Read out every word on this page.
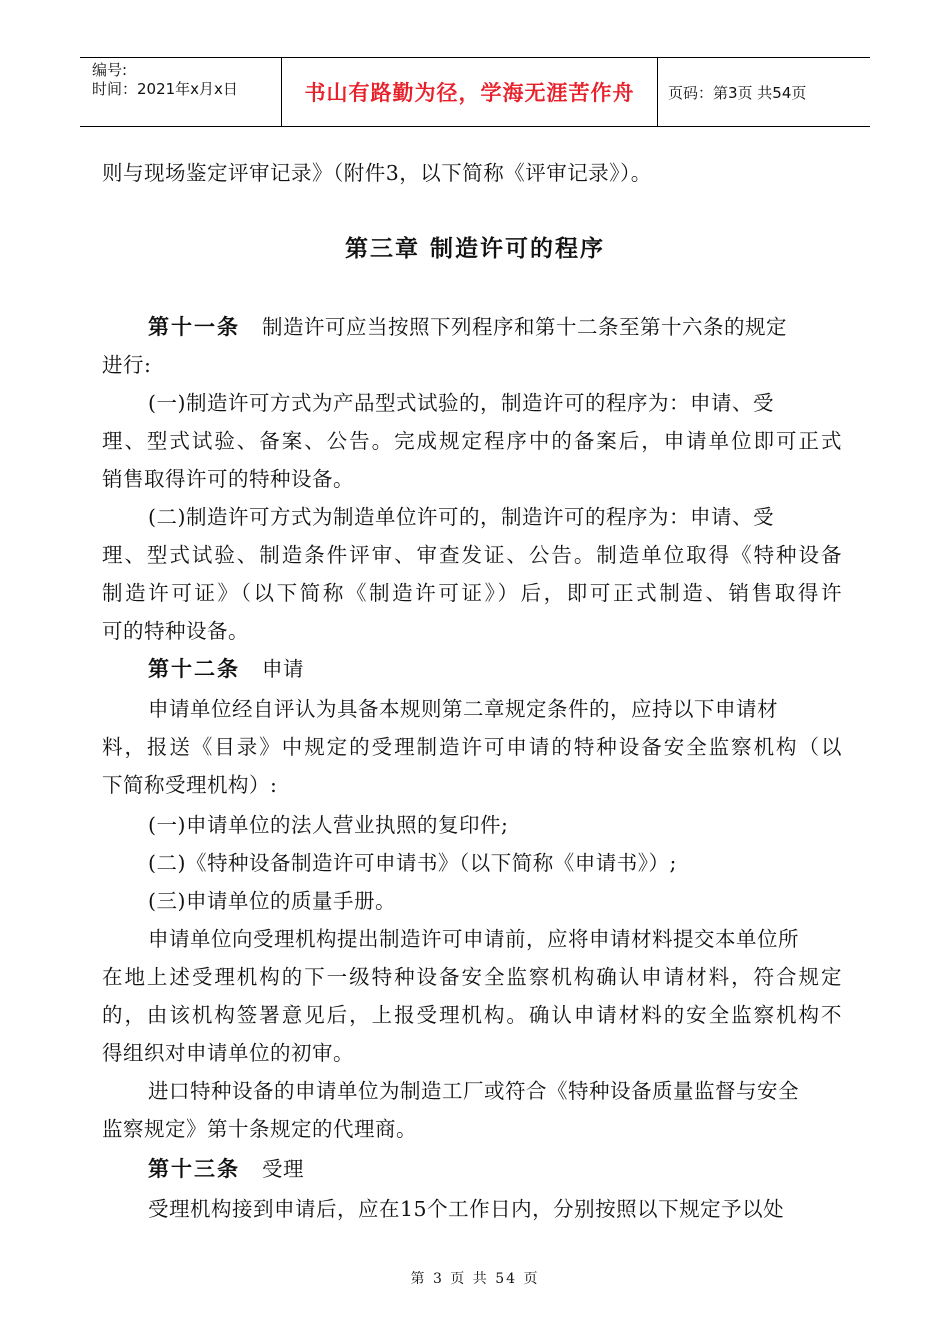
编号:
时间：2021年x月x日	书山有路勤为径，学海无涯苦作舟	页码：第3页 共54页
则与现场鉴定评审记录》（附件3，以下简称《评审记录》）。
第三章 制造许可的程序
第十一条 制造许可应当按照下列程序和第十二条至第十六条的规定
进行:
(一)制造许可方式为产品型式试验的，制造许可的程序为：申请、受
理、型式试验、备案、公告。完成规定程序中的备案后，申请单位即可正式
销售取得许可的特种设备。
(二)制造许可方式为制造单位许可的，制造许可的程序为：申请、受
理、型式试验、制造条件评审、审查发证、公告。制造单位取得《特种设备
制造许可证》（以下简称《制造许可证》）后，即可正式制造、销售取得许
可的特种设备。
第十二条 申请
申请单位经自评认为具备本规则第二章规定条件的，应持以下申请材
料，报送《目录》中规定的受理制造许可申请的特种设备安全监察机构（以
下简称受理机构）:
(一)申请单位的法人营业执照的复印件;
(二)《特种设备制造许可申请书》（以下简称《申请书》）;
(三)申请单位的质量手册。
申请单位向受理机构提出制造许可申请前，应将申请材料提交本单位所
在地上述受理机构的下一级特种设备安全监察机构确认申请材料，符合规定
的，由该机构签署意见后，上报受理机构。确认申请材料的安全监察机构不
得组织对申请单位的初审。
进口特种设备的申请单位为制造工厂或符合《特种设备质量监督与安全
监察规定》第十条规定的代理商。
第十三条 受理
受理机构接到申请后，应在15个工作日内，分别按照以下规定予以处
第 3 页 共 54 页
